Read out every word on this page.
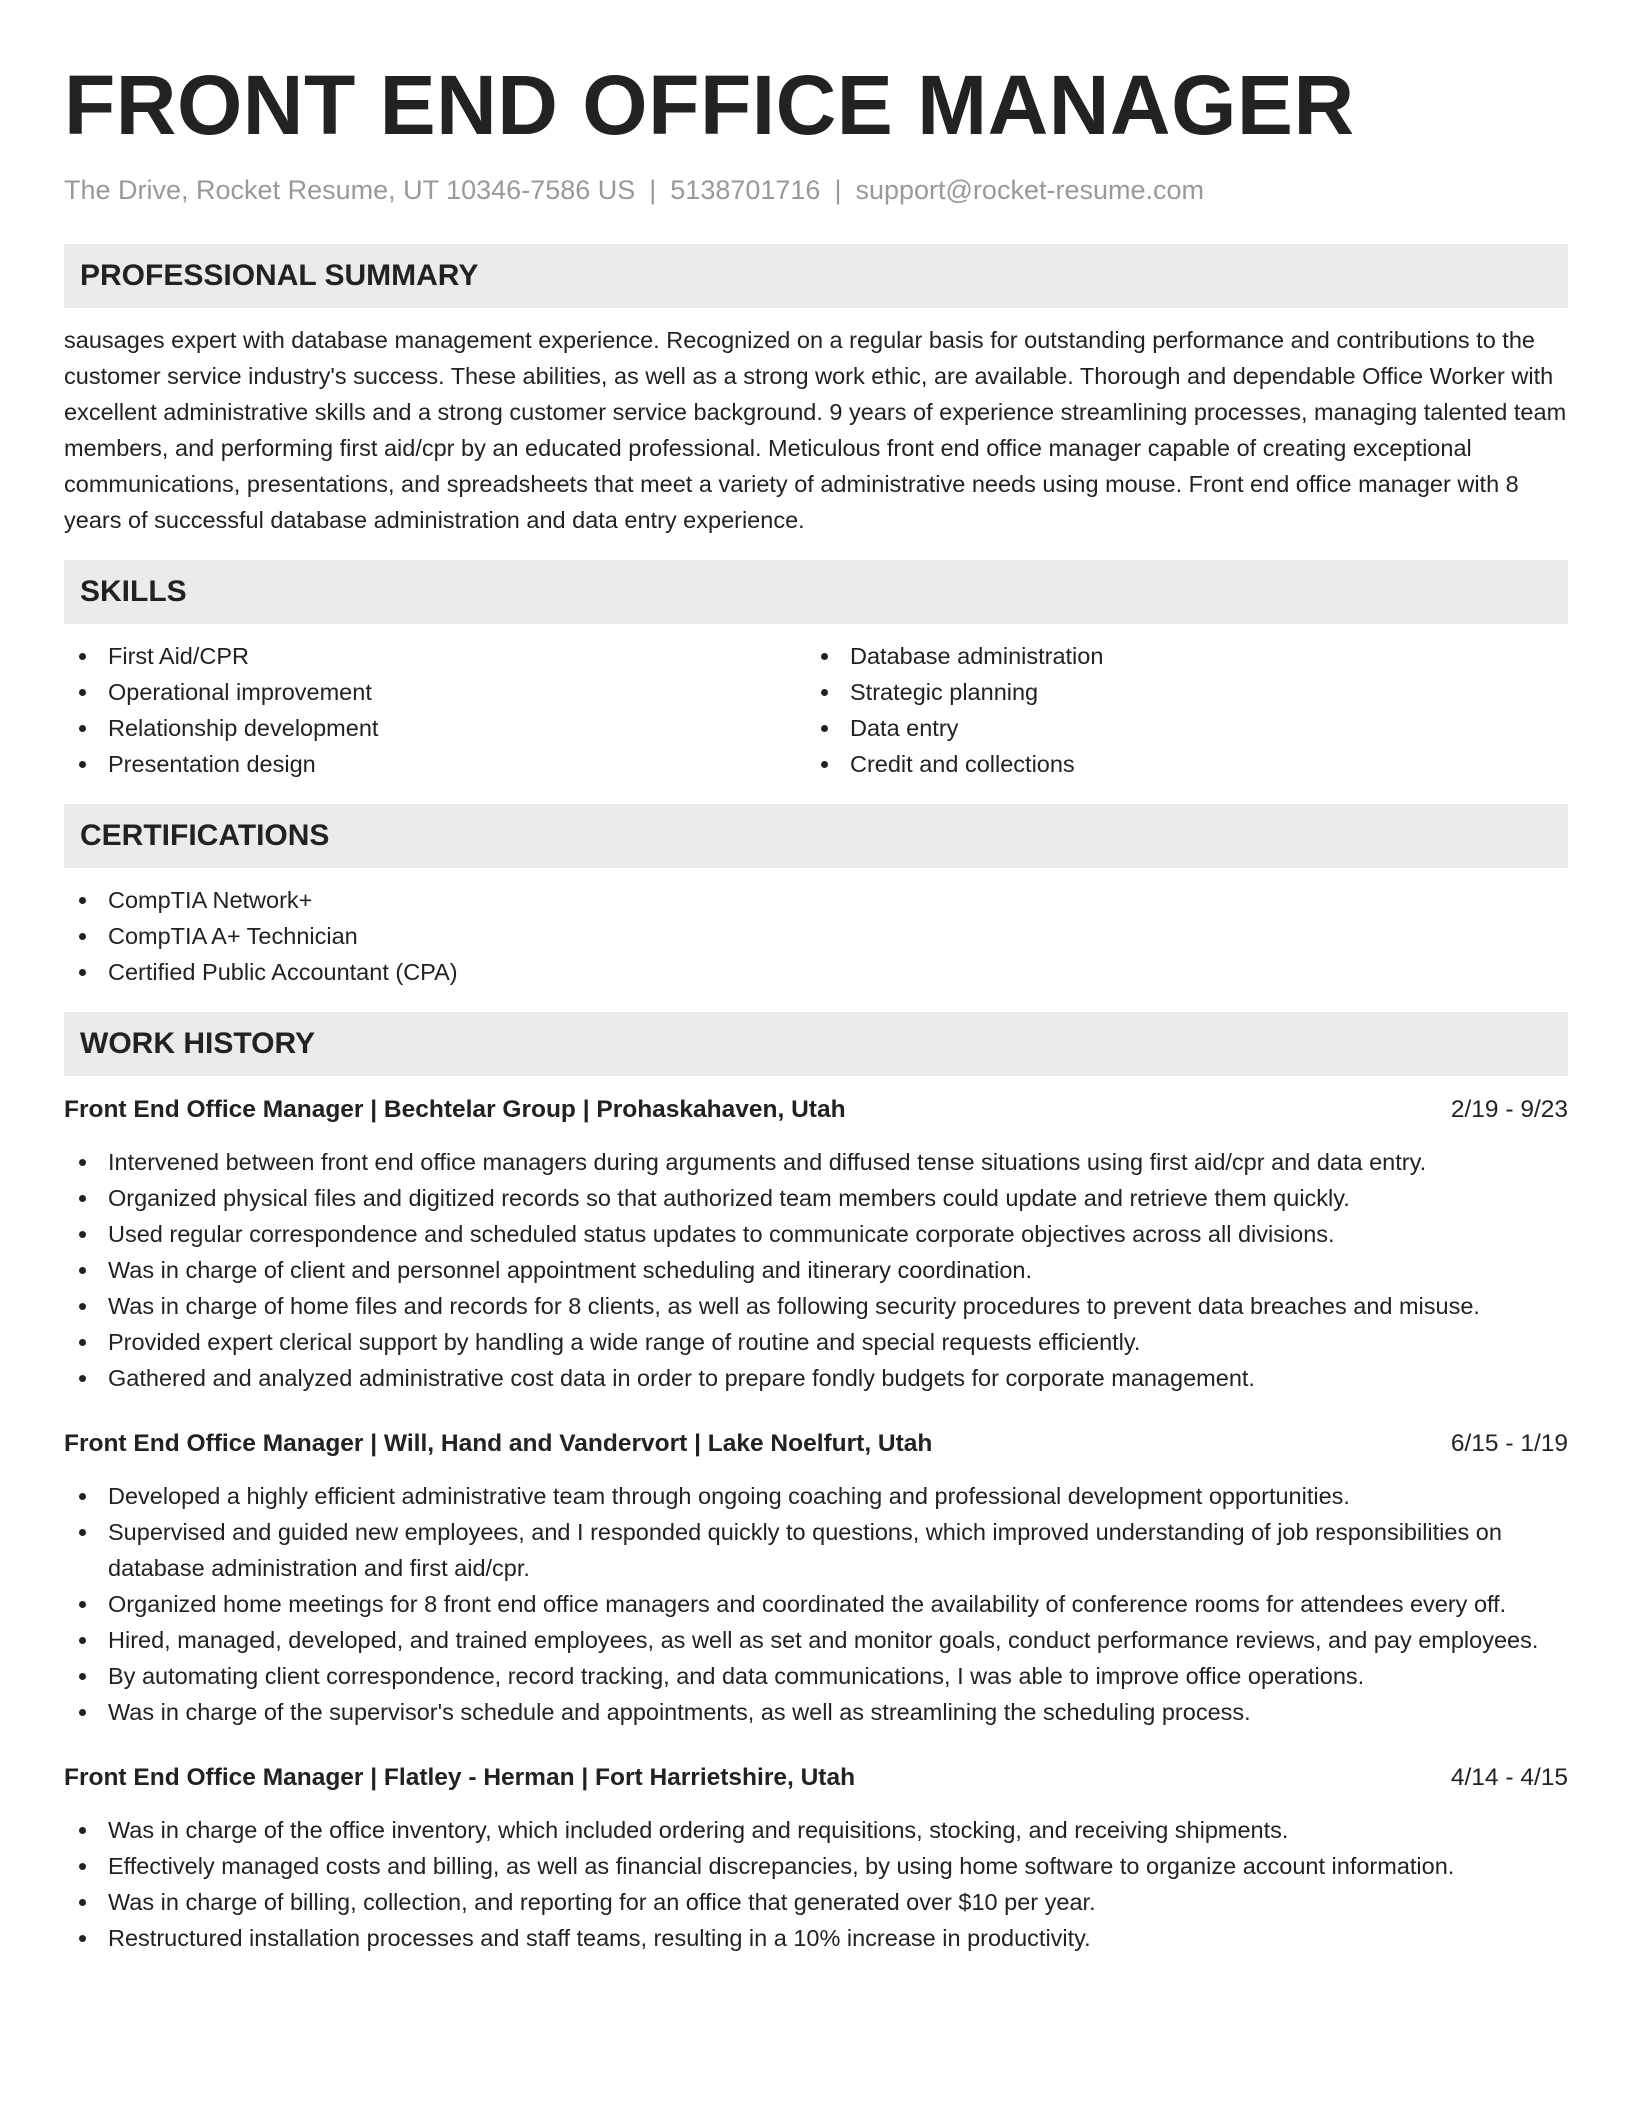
FRONT END OFFICE MANAGER
The Drive, Rocket Resume, UT 10346-7586 US | 5138701716 | support@rocket-resume.com
PROFESSIONAL SUMMARY
sausages expert with database management experience. Recognized on a regular basis for outstanding performance and contributions to the customer service industry's success. These abilities, as well as a strong work ethic, are available. Thorough and dependable Office Worker with excellent administrative skills and a strong customer service background. 9 years of experience streamlining processes, managing talented team members, and performing first aid/cpr by an educated professional. Meticulous front end office manager capable of creating exceptional communications, presentations, and spreadsheets that meet a variety of administrative needs using mouse. Front end office manager with 8 years of successful database administration and data entry experience.
SKILLS
First Aid/CPR
Operational improvement
Relationship development
Presentation design
Database administration
Strategic planning
Data entry
Credit and collections
CERTIFICATIONS
CompTIA Network+
CompTIA A+ Technician
Certified Public Accountant (CPA)
WORK HISTORY
Front End Office Manager | Bechtelar Group | Prohaskahaven, Utah	2/19 - 9/23
Intervened between front end office managers during arguments and diffused tense situations using first aid/cpr and data entry.
Organized physical files and digitized records so that authorized team members could update and retrieve them quickly.
Used regular correspondence and scheduled status updates to communicate corporate objectives across all divisions.
Was in charge of client and personnel appointment scheduling and itinerary coordination.
Was in charge of home files and records for 8 clients, as well as following security procedures to prevent data breaches and misuse.
Provided expert clerical support by handling a wide range of routine and special requests efficiently.
Gathered and analyzed administrative cost data in order to prepare fondly budgets for corporate management.
Front End Office Manager | Will, Hand and Vandervort | Lake Noelfurt, Utah	6/15 - 1/19
Developed a highly efficient administrative team through ongoing coaching and professional development opportunities.
Supervised and guided new employees, and I responded quickly to questions, which improved understanding of job responsibilities on database administration and first aid/cpr.
Organized home meetings for 8 front end office managers and coordinated the availability of conference rooms for attendees every off.
Hired, managed, developed, and trained employees, as well as set and monitor goals, conduct performance reviews, and pay employees.
By automating client correspondence, record tracking, and data communications, I was able to improve office operations.
Was in charge of the supervisor's schedule and appointments, as well as streamlining the scheduling process.
Front End Office Manager | Flatley - Herman | Fort Harrietshire, Utah	4/14 - 4/15
Was in charge of the office inventory, which included ordering and requisitions, stocking, and receiving shipments.
Effectively managed costs and billing, as well as financial discrepancies, by using home software to organize account information.
Was in charge of billing, collection, and reporting for an office that generated over $10 per year.
Restructured installation processes and staff teams, resulting in a 10% increase in productivity.
